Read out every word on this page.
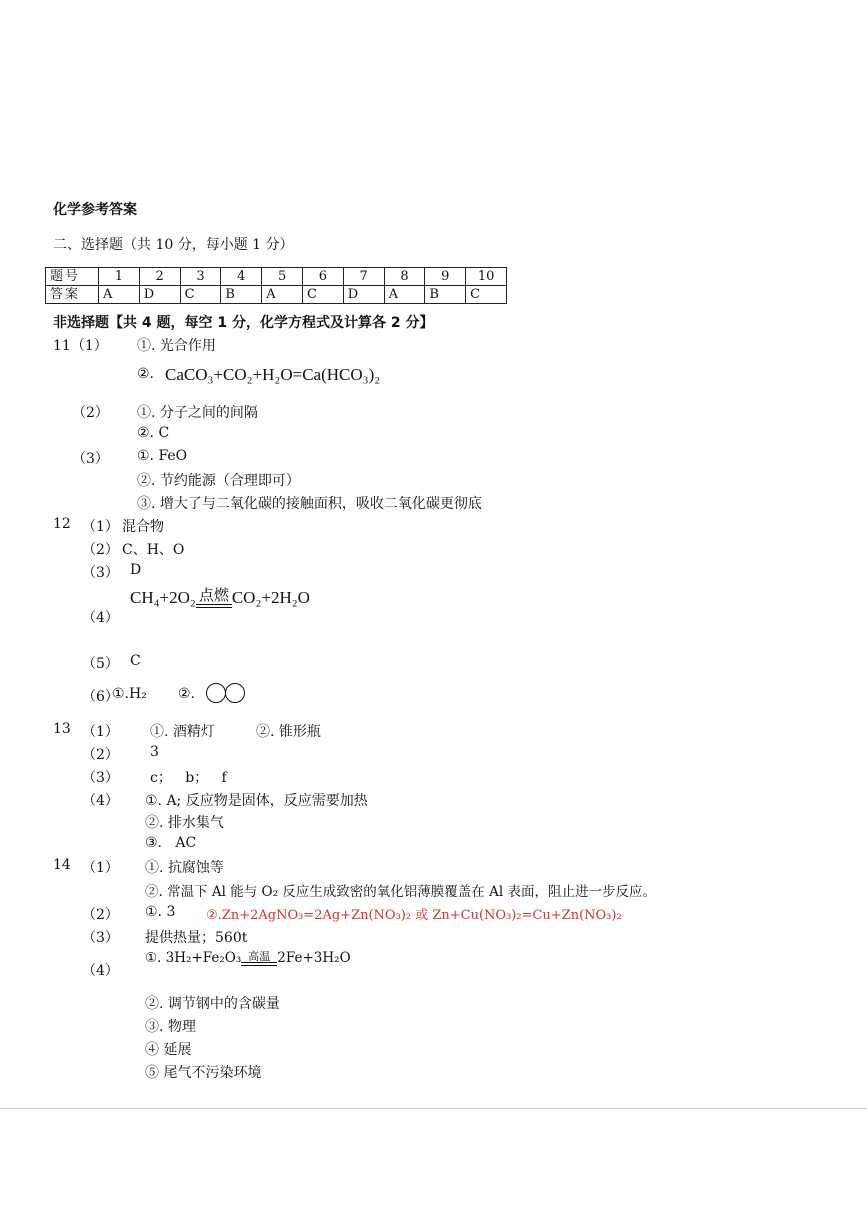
化学参考答案
二、选择题（共 10 分，每小题 1 分）
题号	1	2	3	4	5	6	7	8	9	10
答案	A	D	C	B	A	C	D	A	B	C
非选择题【共 4 题，每空 1 分，化学方程式及计算各 2 分】
11（1） ①. 光合作用
②. CaCO₃+CO₂+H₂O=Ca(HCO₃)₂
（2） ①. 分子之间的间隔
②. C
（3） ①. FeO
②. 节约能源（合理即可）
③. 增大了与二氧化碳的接触面积，吸收二氧化碳更彻底
12 （1） 混合物
（2） C、H、O
（3） D
（4）
CH₄+2O₂ 点燃 CO₂+2H₂O
（5） C
（6）
①.H₂ ②.
13 （1） ①. 酒精灯	②. 锥形瓶
（2） 3
（3） c；   b；   f
（4） ①. A; 反应物是固体，反应需要加热
②. 排水集气
③.   AC
14 （1） ①. 抗腐蚀等
②. 常温下 Al 能与 O₂ 反应生成致密的氧化铝薄膜覆盖在 Al 表面，阻止进一步反应。
（2） ①. 3 ②.Zn+2AgNO₃=2Ag+Zn(NO₃)₂ 或 Zn+Cu(NO₃)₂=Cu+Zn(NO₃)₂
（3） 提供热量；560t
（4）
①. 3H₂+Fe₂O₃ 高温 2Fe+3H₂O
②. 调节钢中的含碳量
③. 物理
④ 延展
⑤ 尾气不污染环境
